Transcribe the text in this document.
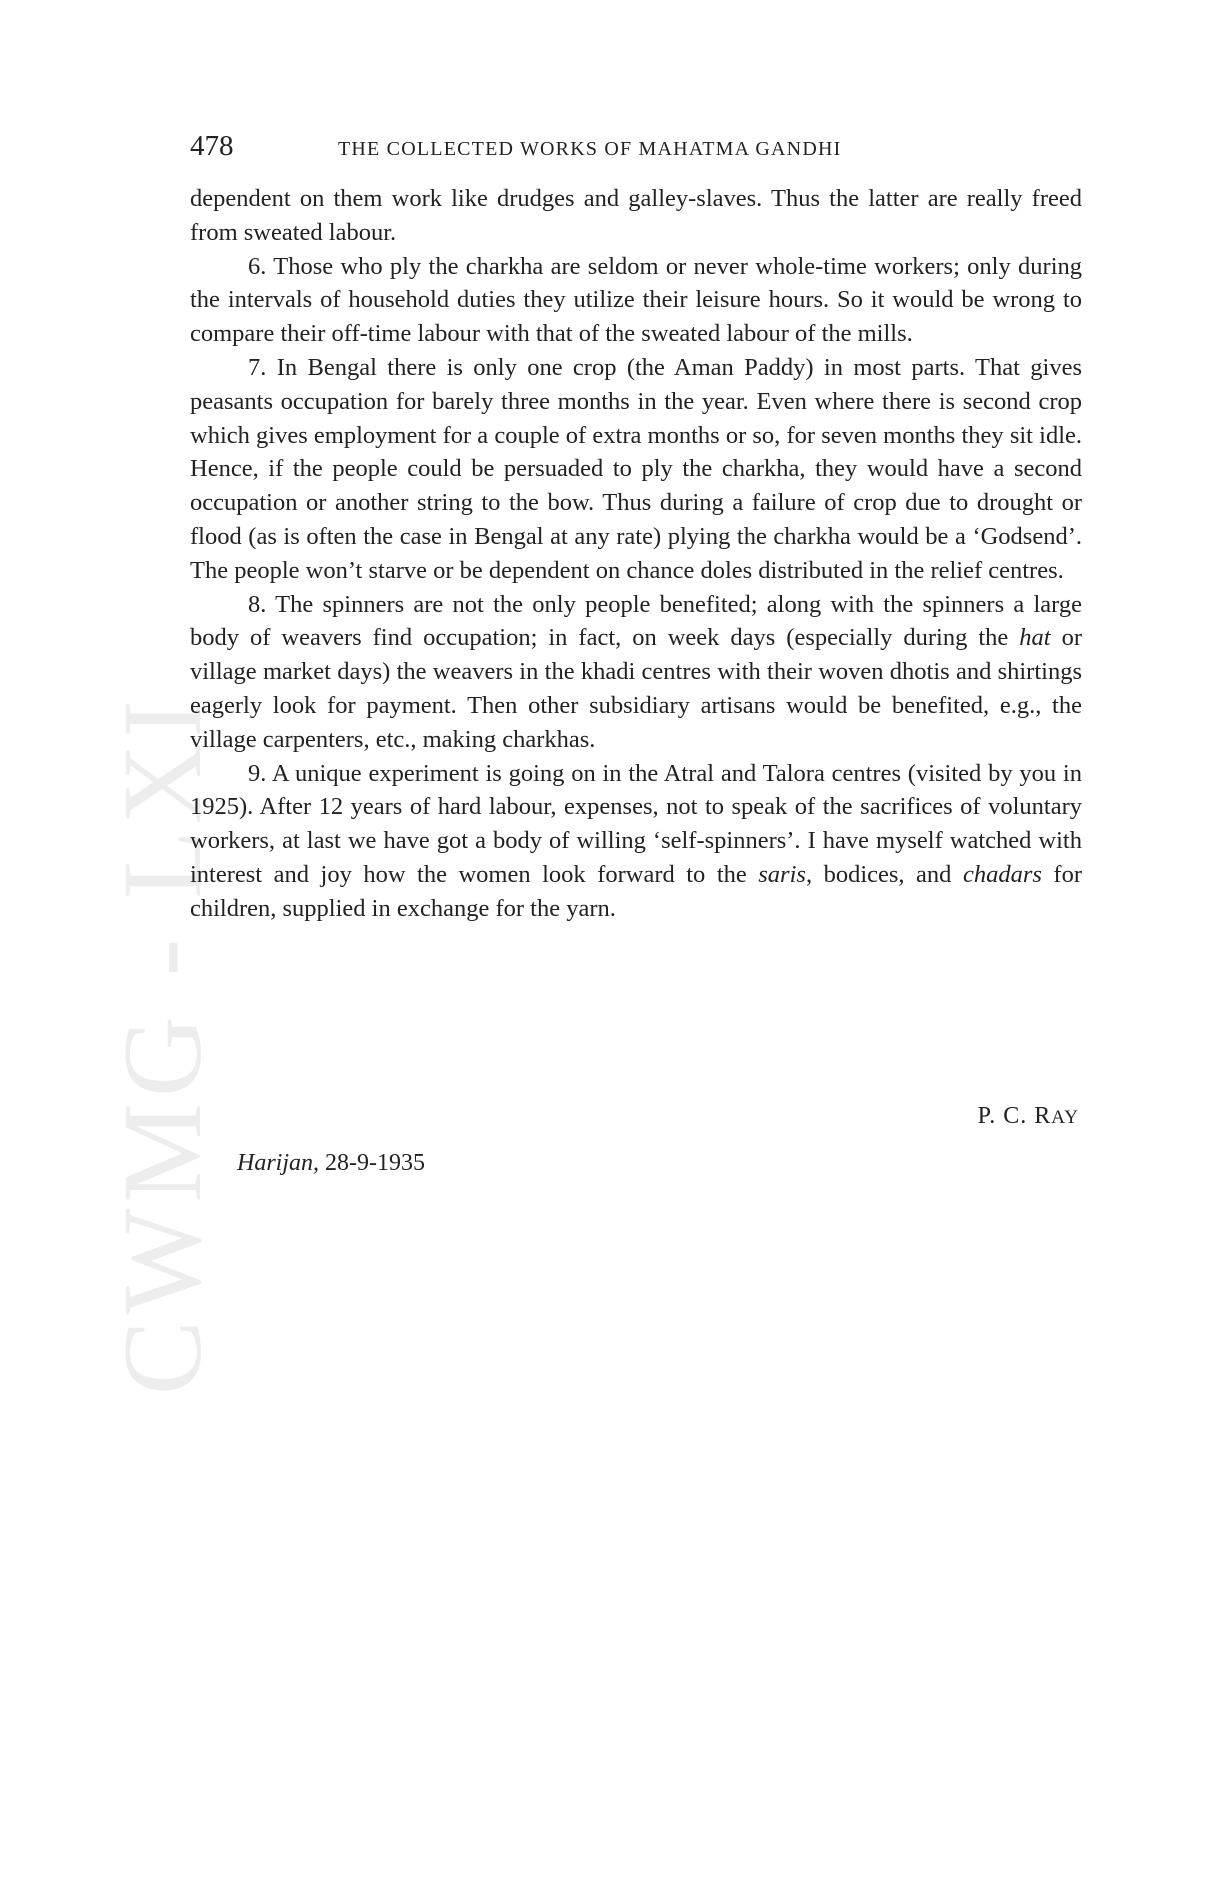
CWMG - LXI
478	THE COLLECTED WORKS OF MAHATMA GANDHI

dependent on them work like drudges and galley-slaves. Thus the latter are really freed from sweated labour.

6. Those who ply the charkha are seldom or never whole-time workers; only during the intervals of household duties they utilize their leisure hours. So it would be wrong to compare their off-time labour with that of the sweated labour of the mills.

7. In Bengal there is only one crop (the Aman Paddy) in most parts. That gives peasants occupation for barely three months in the year. Even where there is second crop which gives employment for a couple of extra months or so, for seven months they sit idle. Hence, if the people could be persuaded to ply the charkha, they would have a second occupation or another string to the bow. Thus during a failure of crop due to drought or flood (as is often the case in Bengal at any rate) plying the charkha would be a ‘Godsend’. The people won’t starve or be dependent on chance doles distributed in the relief centres.

8. The spinners are not the only people benefited; along with the spinners a large body of weavers find occupation; in fact, on week days (especially during the hat or village market days) the weavers in the khadi centres with their woven dhotis and shirtings eagerly look for payment. Then other subsidiary artisans would be benefited, e.g., the village carpenters, etc., making charkhas.

9. A unique experiment is going on in the Atral and Talora centres (visited by you in 1925). After 12 years of hard labour, expenses, not to speak of the sacrifices of voluntary workers, at last we have got a body of willing ‘self-spinners’. I have myself watched with interest and joy how the women look forward to the saris, bodices, and chadars for children, supplied in exchange for the yarn.

P. C. RAY
Harijan, 28-9-1935
